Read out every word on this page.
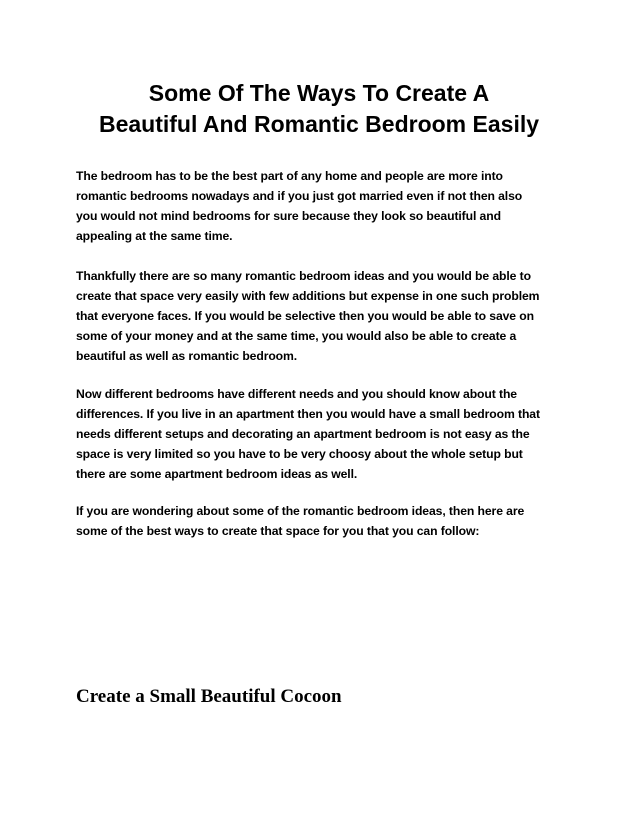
Some Of The Ways To Create A
Beautiful And Romantic Bedroom Easily

The bedroom has to be the best part of any home and people are more into
romantic bedrooms nowadays and if you just got married even if not then also
you would not mind bedrooms for sure because they look so beautiful and
appealing at the same time.

Thankfully there are so many romantic bedroom ideas and you would be able to
create that space very easily with few additions but expense in one such problem
that everyone faces. If you would be selective then you would be able to save on
some of your money and at the same time, you would also be able to create a
beautiful as well as romantic bedroom.

Now different bedrooms have different needs and you should know about the
differences. If you live in an apartment then you would have a small bedroom that
needs different setups and decorating an apartment bedroom is not easy as the
space is very limited so you have to be very choosy about the whole setup but
there are some apartment bedroom ideas as well.

If you are wondering about some of the romantic bedroom ideas, then here are
some of the best ways to create that space for you that you can follow:

Create a Small Beautiful Cocoon
